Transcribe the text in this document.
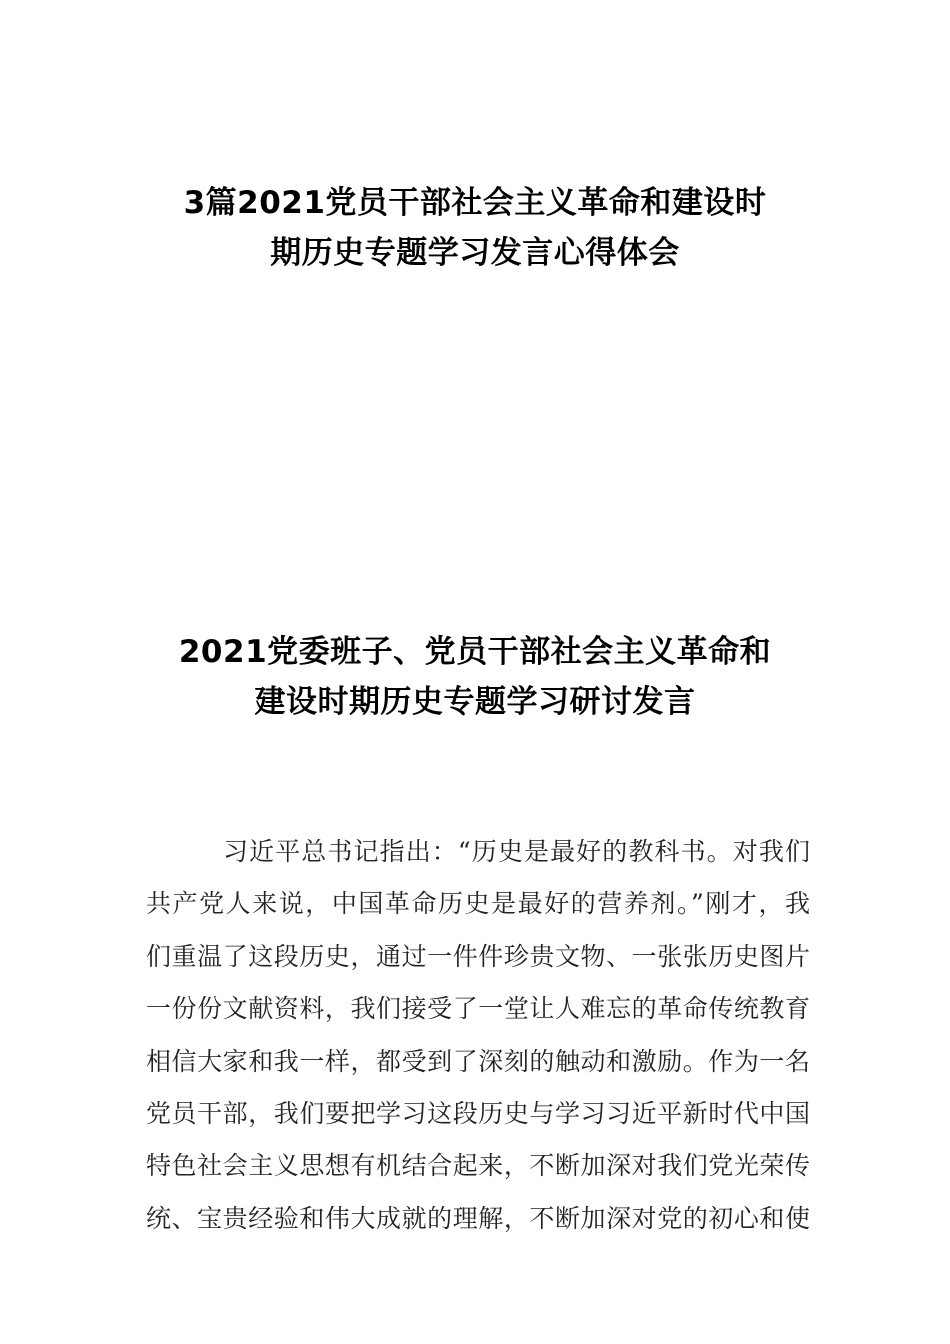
3篇2021党员干部社会主义革命和建设时
期历史专题学习发言心得体会
2021党委班子、党员干部社会主义革命和
建设时期历史专题学习研讨发言
习近平总书记指出：“历史是最好的教科书。对我们
共产党人来说，中国革命历史是最好的营养剂。”刚才，我
们重温了这段历史，通过一件件珍贵文物、一张张历史图片
一份份文献资料，我们接受了一堂让人难忘的革命传统教育
相信大家和我一样，都受到了深刻的触动和激励。作为一名
党员干部，我们要把学习这段历史与学习习近平新时代中国
特色社会主义思想有机结合起来，不断加深对我们党光荣传
统、宝贵经验和伟大成就的理解，不断加深对党的初心和使
